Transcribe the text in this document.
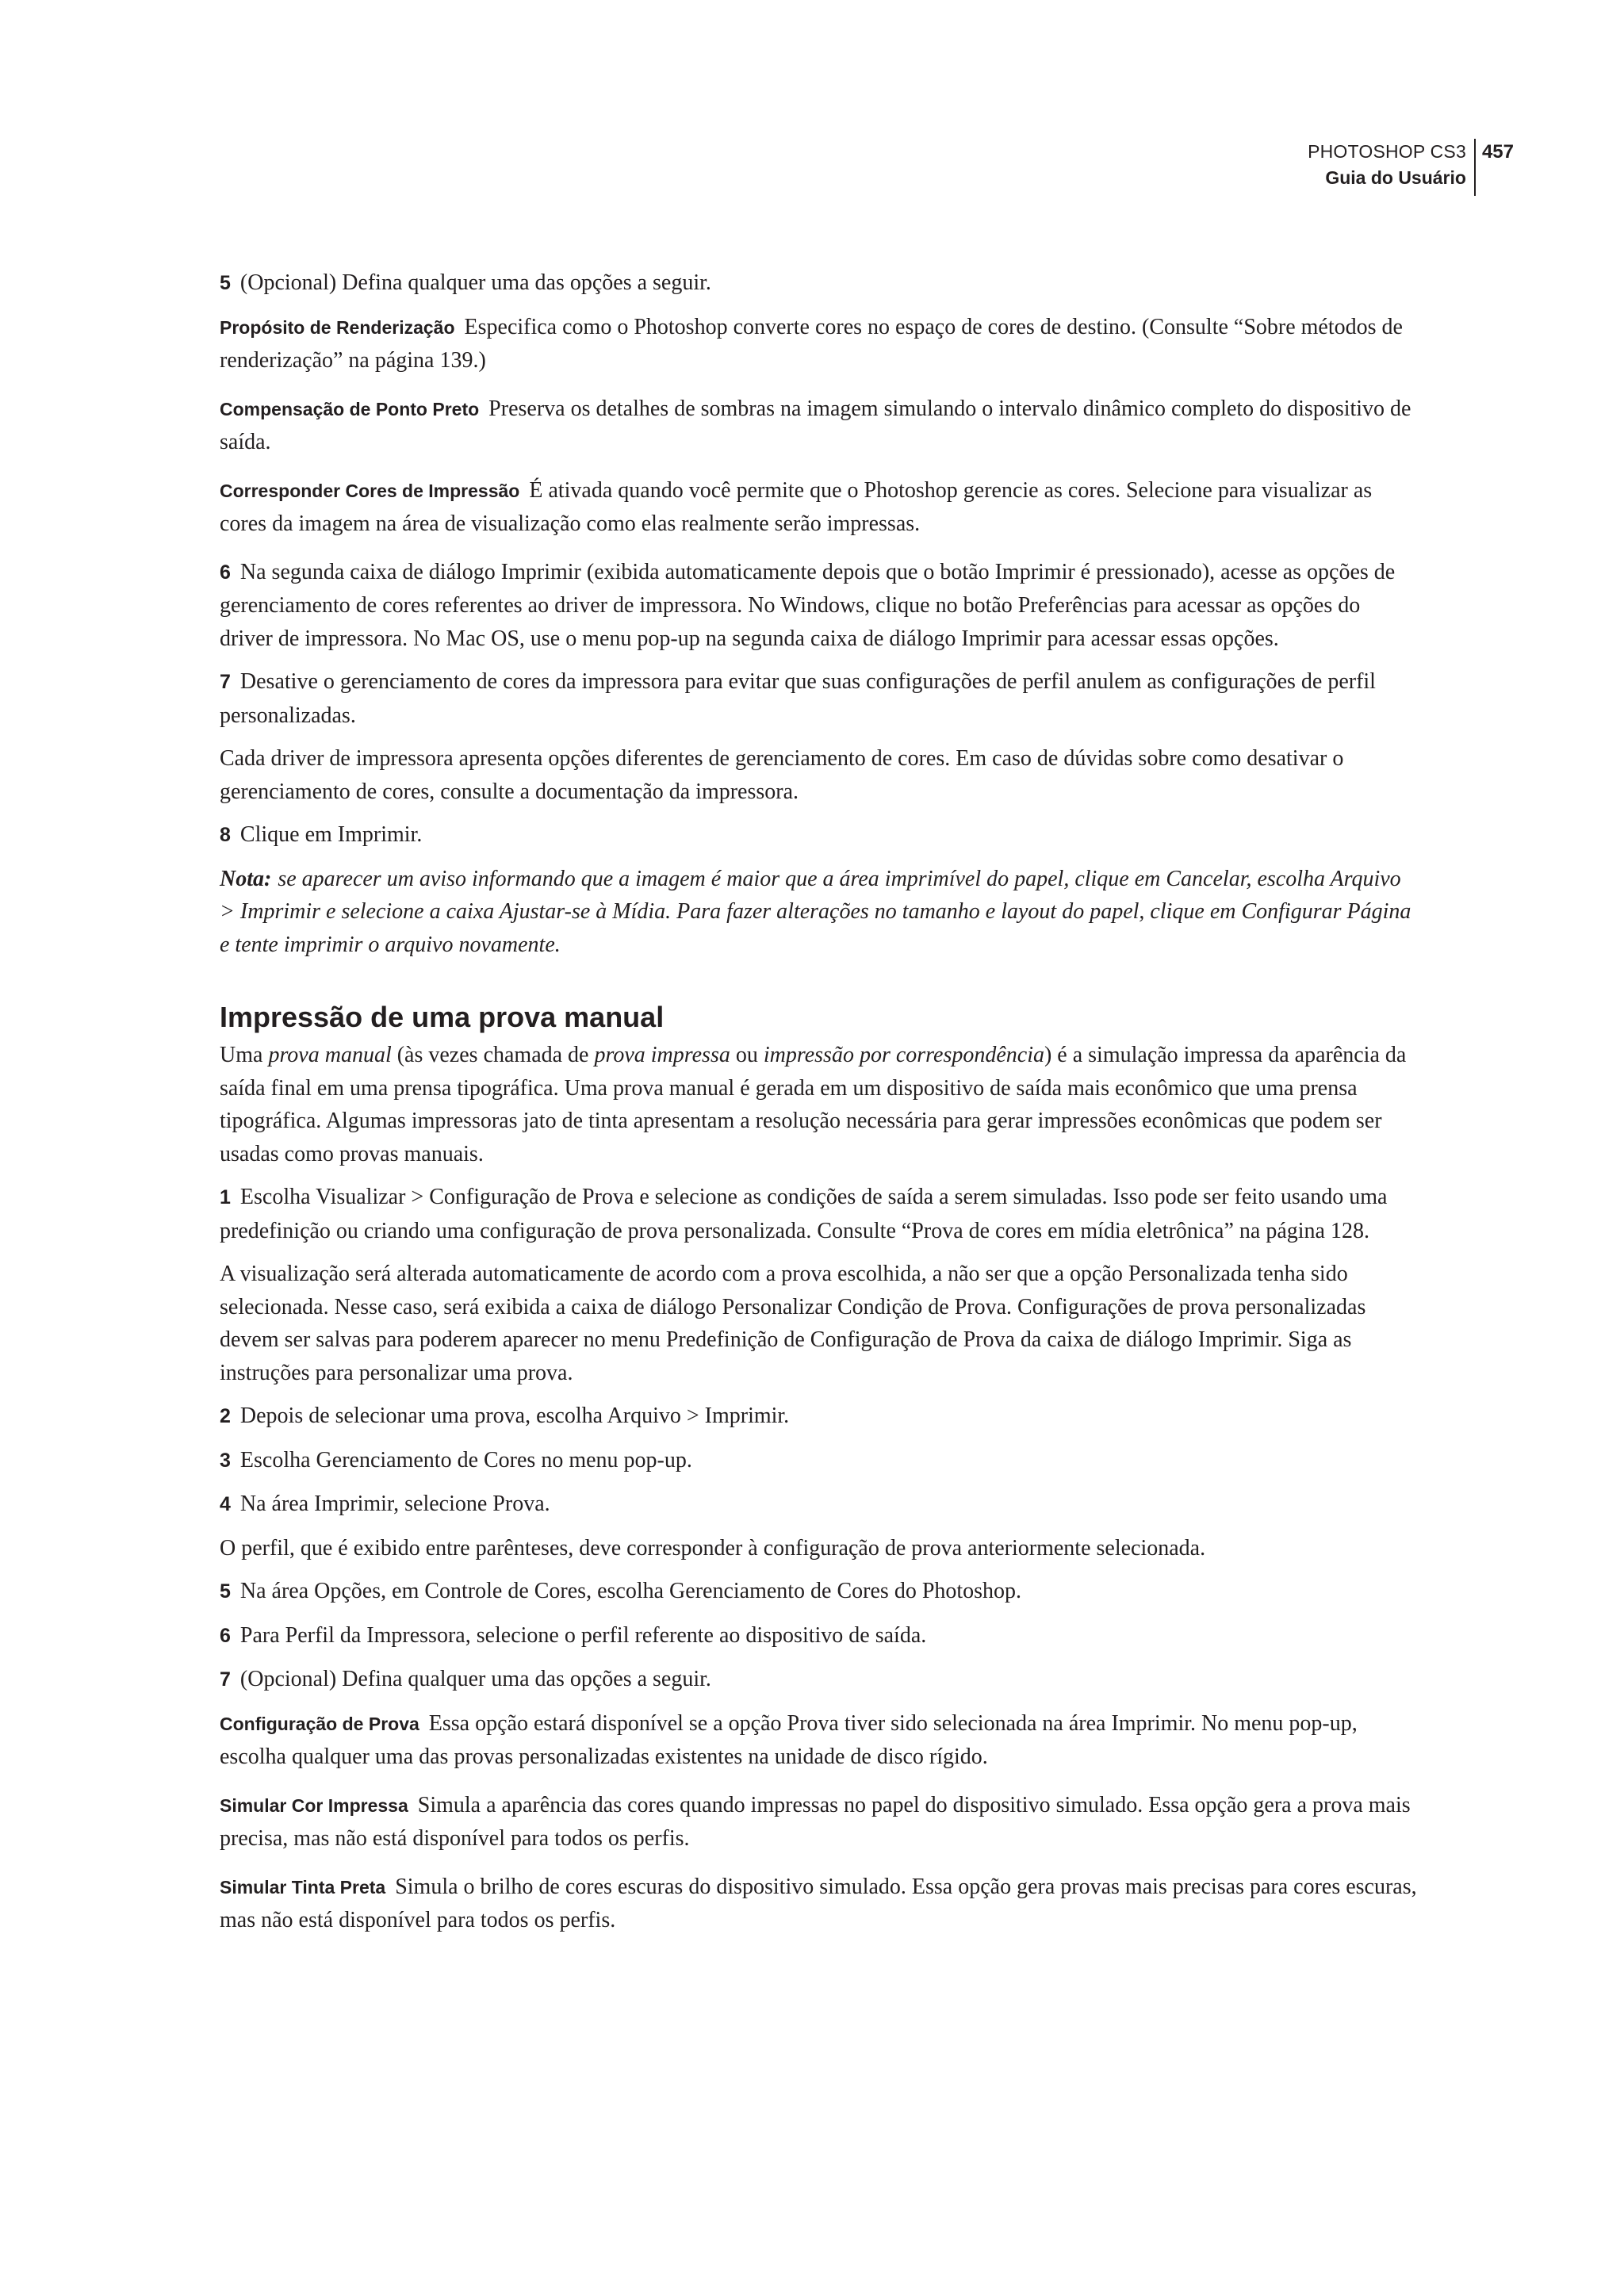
PHOTOSHOP CS3
Guia do Usuário
457

5 (Opcional) Defina qualquer uma das opções a seguir.

Propósito de Renderização Especifica como o Photoshop converte cores no espaço de cores de destino. (Consulte “Sobre métodos de renderização” na página 139.)

Compensação de Ponto Preto Preserva os detalhes de sombras na imagem simulando o intervalo dinâmico completo do dispositivo de saída.

Corresponder Cores de Impressão É ativada quando você permite que o Photoshop gerencie as cores. Selecione para visualizar as cores da imagem na área de visualização como elas realmente serão impressas.

6 Na segunda caixa de diálogo Imprimir (exibida automaticamente depois que o botão Imprimir é pressionado), acesse as opções de gerenciamento de cores referentes ao driver de impressora. No Windows, clique no botão Preferências para acessar as opções do driver de impressora. No Mac OS, use o menu pop-up na segunda caixa de diálogo Imprimir para acessar essas opções.

7 Desative o gerenciamento de cores da impressora para evitar que suas configurações de perfil anulem as configurações de perfil personalizadas.

Cada driver de impressora apresenta opções diferentes de gerenciamento de cores. Em caso de dúvidas sobre como desativar o gerenciamento de cores, consulte a documentação da impressora.

8 Clique em Imprimir.

Nota: se aparecer um aviso informando que a imagem é maior que a área imprimível do papel, clique em Cancelar, escolha Arquivo > Imprimir e selecione a caixa Ajustar-se à Mídia. Para fazer alterações no tamanho e layout do papel, clique em Configurar Página e tente imprimir o arquivo novamente.

Impressão de uma prova manual

Uma prova manual (às vezes chamada de prova impressa ou impressão por correspondência) é a simulação impressa da aparência da saída final em uma prensa tipográfica. Uma prova manual é gerada em um dispositivo de saída mais econômico que uma prensa tipográfica. Algumas impressoras jato de tinta apresentam a resolução necessária para gerar impressões econômicas que podem ser usadas como provas manuais.

1 Escolha Visualizar > Configuração de Prova e selecione as condições de saída a serem simuladas. Isso pode ser feito usando uma predefinição ou criando uma configuração de prova personalizada. Consulte “Prova de cores em mídia eletrônica” na página 128.

A visualização será alterada automaticamente de acordo com a prova escolhida, a não ser que a opção Personalizada tenha sido selecionada. Nesse caso, será exibida a caixa de diálogo Personalizar Condição de Prova. Configurações de prova personalizadas devem ser salvas para poderem aparecer no menu Predefinição de Configuração de Prova da caixa de diálogo Imprimir. Siga as instruções para personalizar uma prova.

2 Depois de selecionar uma prova, escolha Arquivo > Imprimir.

3 Escolha Gerenciamento de Cores no menu pop-up.

4 Na área Imprimir, selecione Prova.

O perfil, que é exibido entre parênteses, deve corresponder à configuração de prova anteriormente selecionada.

5 Na área Opções, em Controle de Cores, escolha Gerenciamento de Cores do Photoshop.

6 Para Perfil da Impressora, selecione o perfil referente ao dispositivo de saída.

7 (Opcional) Defina qualquer uma das opções a seguir.

Configuração de Prova Essa opção estará disponível se a opção Prova tiver sido selecionada na área Imprimir. No menu pop-up, escolha qualquer uma das provas personalizadas existentes na unidade de disco rígido.

Simular Cor Impressa Simula a aparência das cores quando impressas no papel do dispositivo simulado. Essa opção gera a prova mais precisa, mas não está disponível para todos os perfis.

Simular Tinta Preta Simula o brilho de cores escuras do dispositivo simulado. Essa opção gera provas mais precisas para cores escuras, mas não está disponível para todos os perfis.
